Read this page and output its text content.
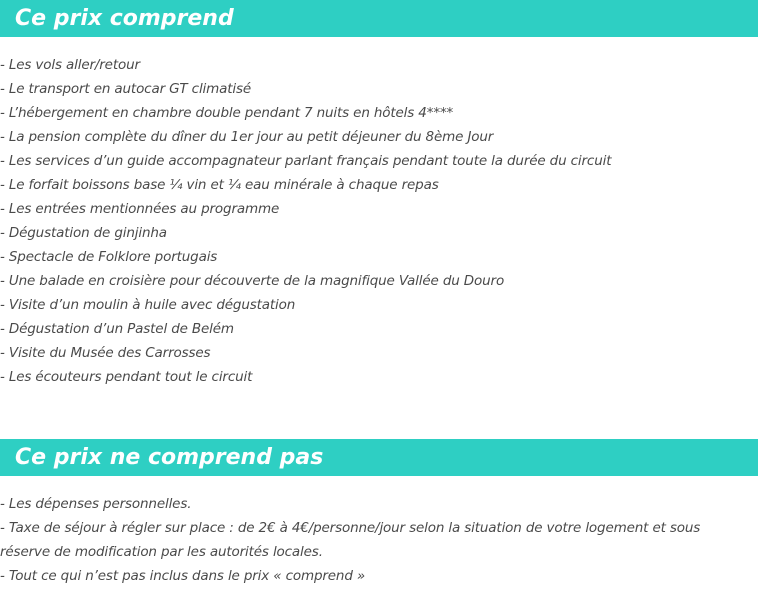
Ce prix comprend
- Les vols aller/retour
- Le transport en autocar GT climatisé
- L’hébergement en chambre double pendant 7 nuits en hôtels 4****
- La pension complète du dîner du 1er jour au petit déjeuner du 8ème Jour
- Les services d’un guide accompagnateur parlant français pendant toute la durée du circuit
- Le forfait boissons base ¼ vin et ¼ eau minérale à chaque repas
- Les entrées mentionnées au programme
- Dégustation de ginjinha
- Spectacle de Folklore portugais
- Une balade en croisière pour découverte de la magnifique Vallée du Douro
- Visite d’un moulin à huile avec dégustation
- Dégustation d’un Pastel de Belém
- Visite du Musée des Carrosses
- Les écouteurs pendant tout le circuit
Ce prix ne comprend pas
- Les dépenses personnelles.
- Taxe de séjour à régler sur place : de 2€ à 4€/personne/jour selon la situation de votre logement et sous réserve de modification par les autorités locales.
- Tout ce qui n’est pas inclus dans le prix « comprend »
